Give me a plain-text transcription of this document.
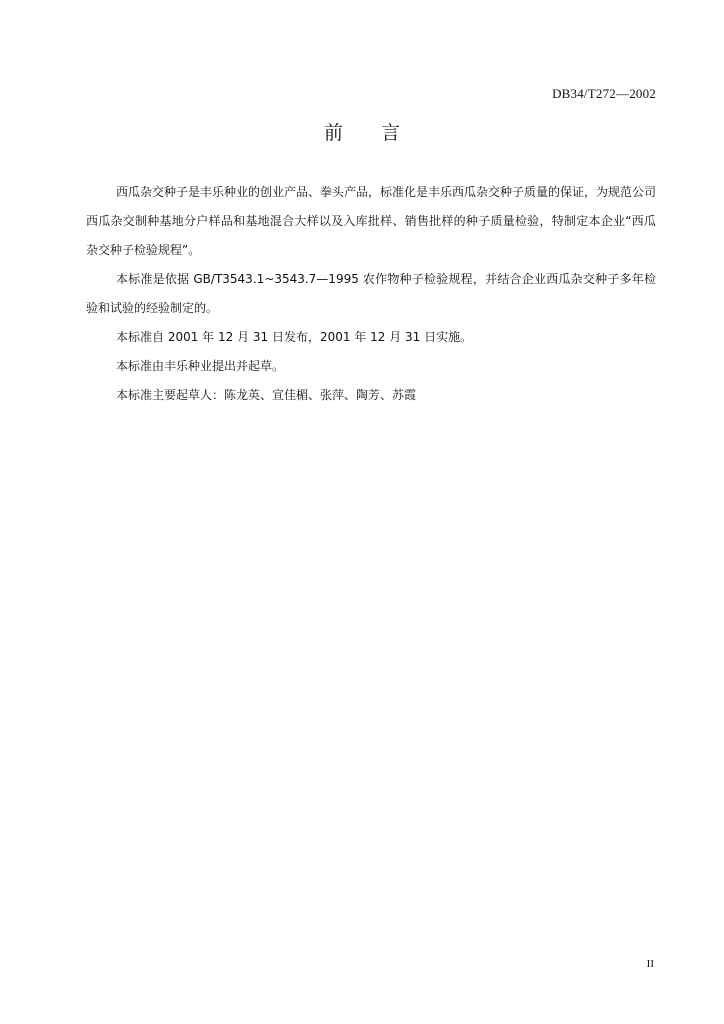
DB34/T272—2002
前 言

西瓜杂交种子是丰乐种业的创业产品、拳头产品，标准化是丰乐西瓜杂交种子质量的保证，为规范公司西瓜杂交制种基地分户样品和基地混合大样以及入库批样、销售批样的种子质量检验，特制定本企业“西瓜杂交种子检验规程”。

本标准是依据 GB/T3543.1~3543.7—1995 农作物种子检验规程，并结合企业西瓜杂交种子多年检验和试验的经验制定的。

本标准自 2001 年 12 月 31 日发布，2001 年 12 月 31 日实施。

本标准由丰乐种业提出并起草。

本标准主要起草人：陈龙英、宣佳楣、张萍、陶芳、苏霞

II
